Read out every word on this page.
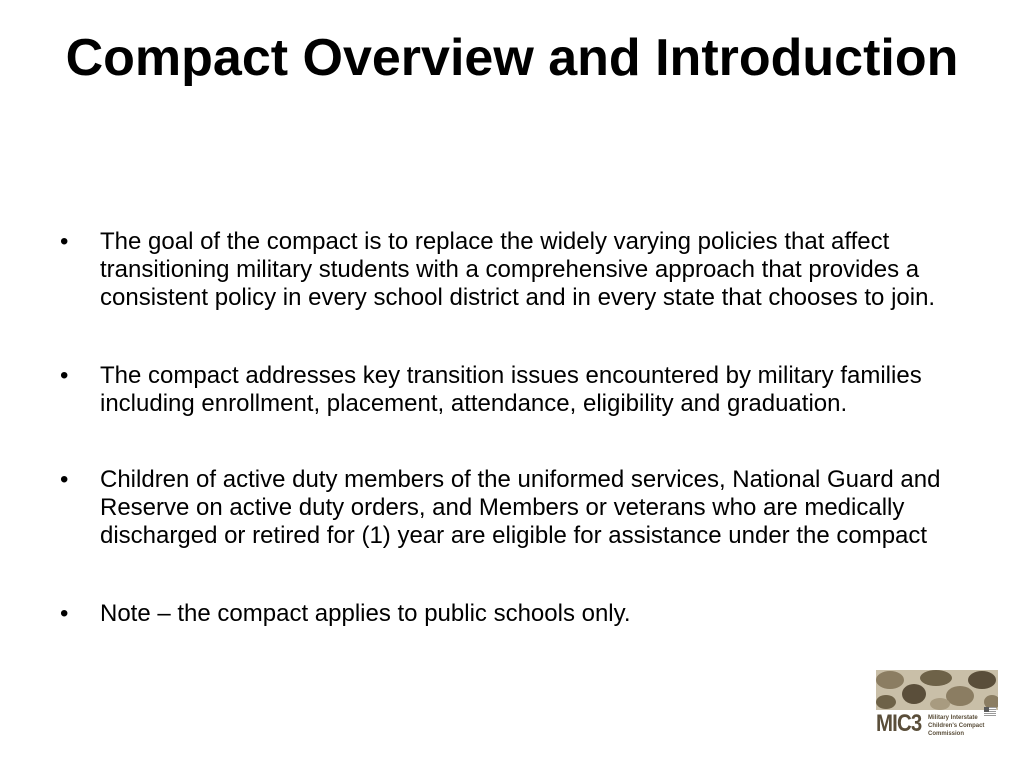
Compact Overview and Introduction
•	The goal of the compact is to replace the widely varying policies that affect transitioning military students with a comprehensive approach that provides a consistent policy in every school district and in every state that chooses to join.
•	The compact addresses key transition issues encountered by military families including enrollment, placement, attendance, eligibility and graduation.
•	Children of active duty members of the uniformed services, National Guard and Reserve on active duty orders, and Members or veterans who are medically discharged or retired for (1) year are eligible for assistance under the compact
•	Note – the compact applies to public schools only.
MIC3 Military Interstate
Children's Compact Commission
